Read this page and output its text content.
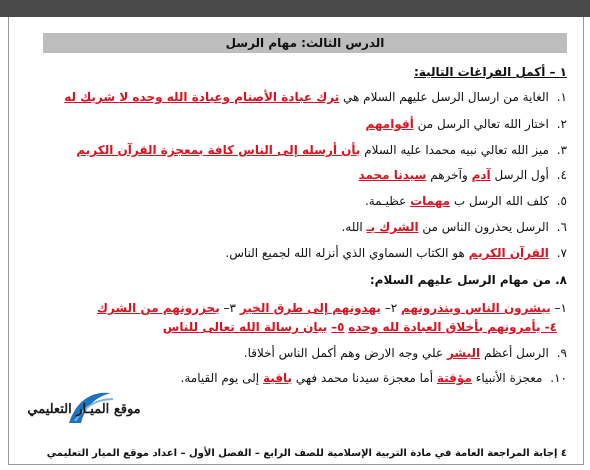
الدرس الثالث: مهام الرسل
١ – أكمل الفراغات التالية:
١. الغاية من ارسال الرسل عليهم السلام هي ترك عبادة الأصنام وعبادة الله وحده لا شريك له
٢. اختار الله تعالي الرسل من أقوامهم
٣. ميز الله تعالي نبيه محمدا عليه السلام بأن أرسله إلى الناس كافة بمعجزة القرآن الكريم
٤. أول الرسل آدم وآخرهم سيدنا محمد
٥. كلف الله الرسل ب مهمات عظيـمة.
٦. الرسل يحذرون الناس من الشرك بـ الله.
٧. القرآن الكريم هو الكتاب السماوي الذي أنزله الله لجميع الناس.
٨. من مهام الرسل عليهم السلام:
١– يبشرون الناس وينذرونهم ٢– يهدونهم إلى طرق الخير ٣– يحزرونهم من الشرك
٤- يأمرونهم بأخلاق العبادة لله وحده ٥– يبان رسالة الله تعالى للناس
٩. الرسل أعظم البشر علي وجه الارض وهم أكمل الناس أخلاقا.
١٠. معجزة الأنبياء مؤقتة أما معجزة سيدنا محمد فهي باقية إلى يوم القيامة.
موقع الميـار التعليمي
٤ إجابة المراجعة العامة في مادة التربية الإسلامية للصف الرابع – الفصل الأول – اعداد موقع الميار التعليمي
